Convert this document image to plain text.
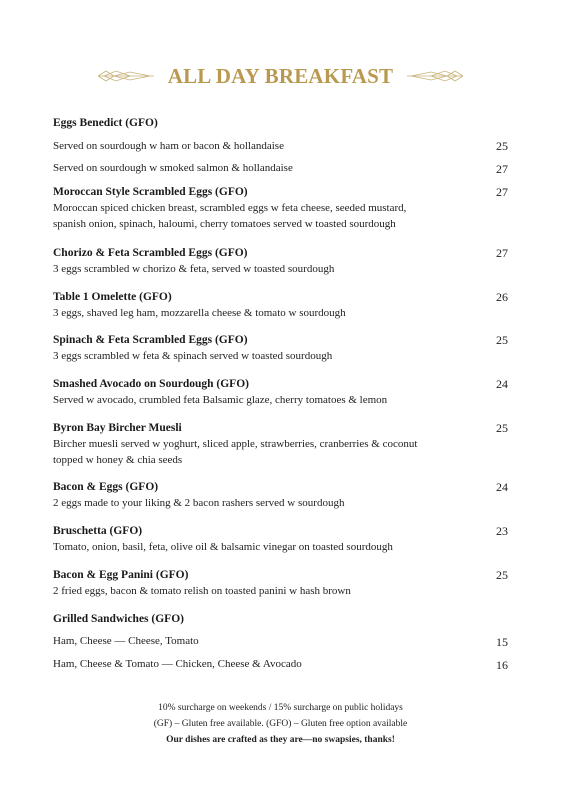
ALL DAY BREAKFAST
Eggs Benedict (GFO)
Served on sourdough w ham or bacon & hollandaise	25
Served on sourdough w smoked salmon & hollandaise	27
Moroccan Style Scrambled Eggs (GFO)	27
Moroccan spiced chicken breast, scrambled eggs w feta cheese, seeded mustard,
spanish onion, spinach, haloumi, cherry tomatoes served w toasted sourdough
Chorizo & Feta Scrambled Eggs (GFO)	27
3 eggs scrambled w chorizo & feta, served w toasted sourdough
Table 1 Omelette (GFO)	26
3 eggs, shaved leg ham, mozzarella cheese & tomato w sourdough
Spinach & Feta Scrambled Eggs (GFO)	25
3 eggs scrambled w feta & spinach served w toasted sourdough
Smashed Avocado on Sourdough (GFO)	24
Served w avocado, crumbled feta Balsamic glaze, cherry tomatoes & lemon
Byron Bay Bircher Muesli	25
Bircher muesli served w yoghurt, sliced apple, strawberries, cranberries & coconut
topped w honey & chia seeds
Bacon & Eggs (GFO)	24
2 eggs made to your liking & 2 bacon rashers served w sourdough
Bruschetta (GFO)	23
Tomato, onion, basil, feta, olive oil & balsamic vinegar on toasted sourdough
Bacon & Egg Panini (GFO)	25
2 fried eggs, bacon & tomato relish on toasted panini w hash brown
Grilled Sandwiches (GFO)
Ham, Cheese — Cheese, Tomato	15
Ham, Cheese & Tomato — Chicken, Cheese & Avocado	16
10% surcharge on weekends / 15% surcharge on public holidays
(GF) – Gluten free available. (GFO) – Gluten free option available
Our dishes are crafted as they are—no swapsies, thanks!
